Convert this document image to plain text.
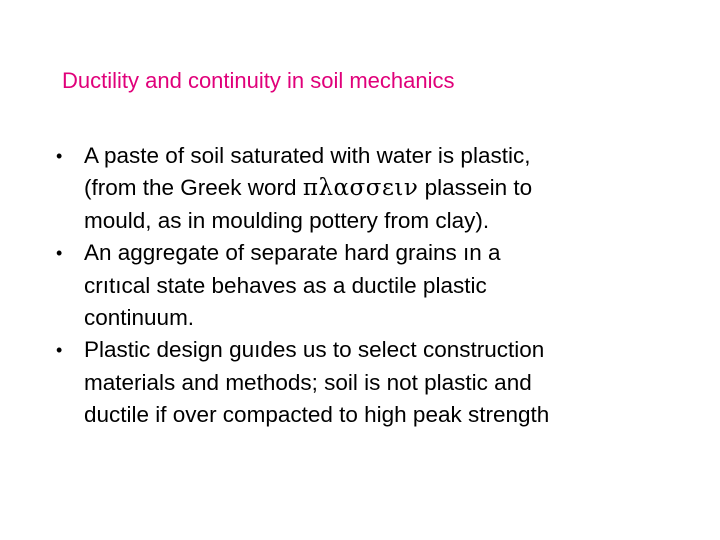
Ductility and continuity in soil mechanics
• A paste of soil saturated with water is plastic,
(from the Greek word πλασσειν plassein to
mould, as in moulding pottery from clay).
• An aggregate of separate hard grains ın a
crıtıcal state behaves as a ductile plastic
continuum.
• Plastic design guıdes us to select construction
materials and methods; soil is not plastic and
ductile if over compacted to high peak strength
